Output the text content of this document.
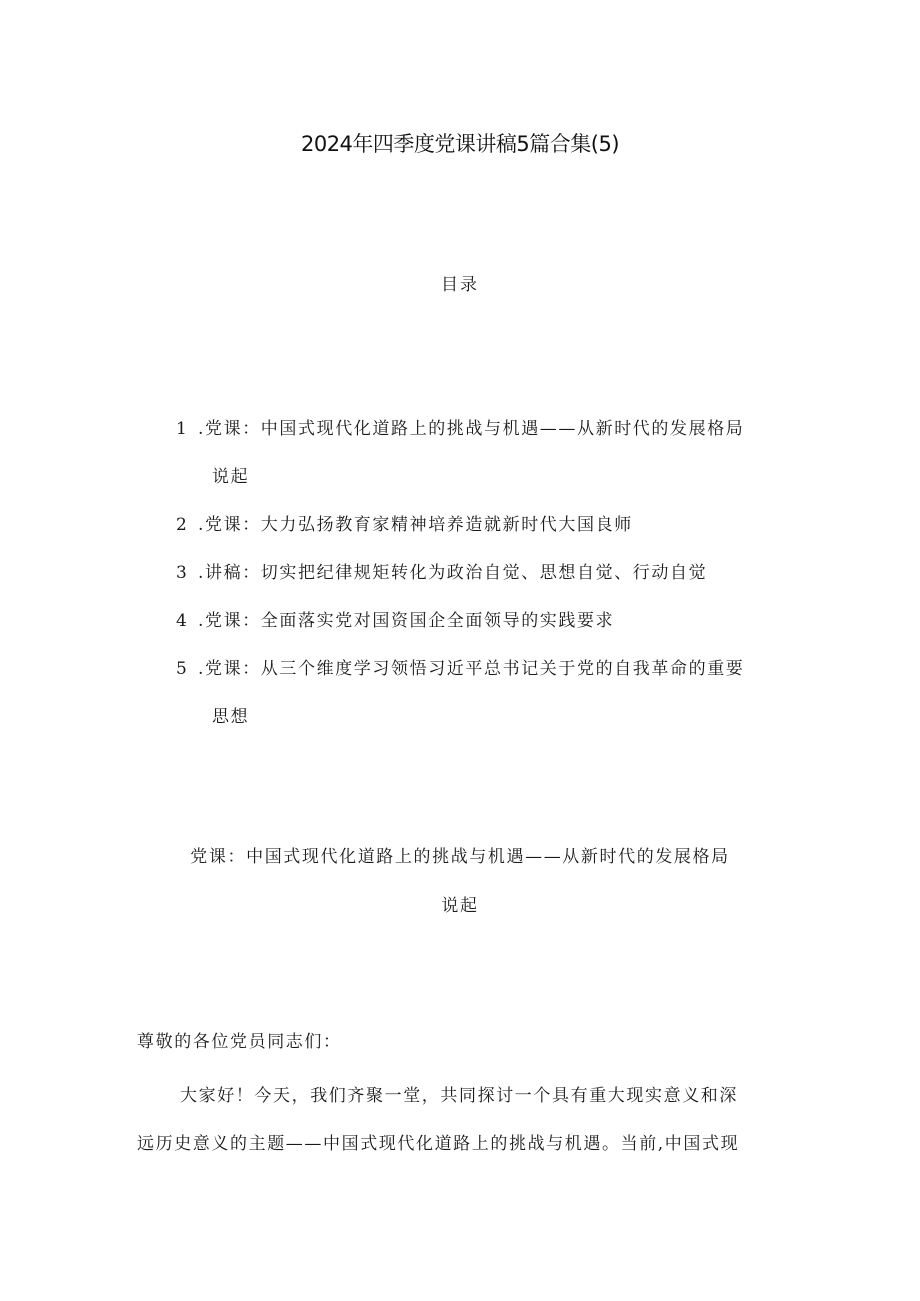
2024年四季度党课讲稿5篇合集(5)
目录
1 .党课：中国式现代化道路上的挑战与机遇——从新时代的发展格局
说起
2 .党课：大力弘扬教育家精神培养造就新时代大国良师
3 .讲稿：切实把纪律规矩转化为政治自觉、思想自觉、行动自觉
4 .党课：全面落实党对国资国企全面领导的实践要求
5 .党课：从三个维度学习领悟习近平总书记关于党的自我革命的重要
思想
党课：中国式现代化道路上的挑战与机遇——从新时代的发展格局
说起
尊敬的各位党员同志们：

大家好！今天，我们齐聚一堂，共同探讨一个具有重大现实意义和深
远历史意义的主题——中国式现代化道路上的挑战与机遇。当前,中国式现
